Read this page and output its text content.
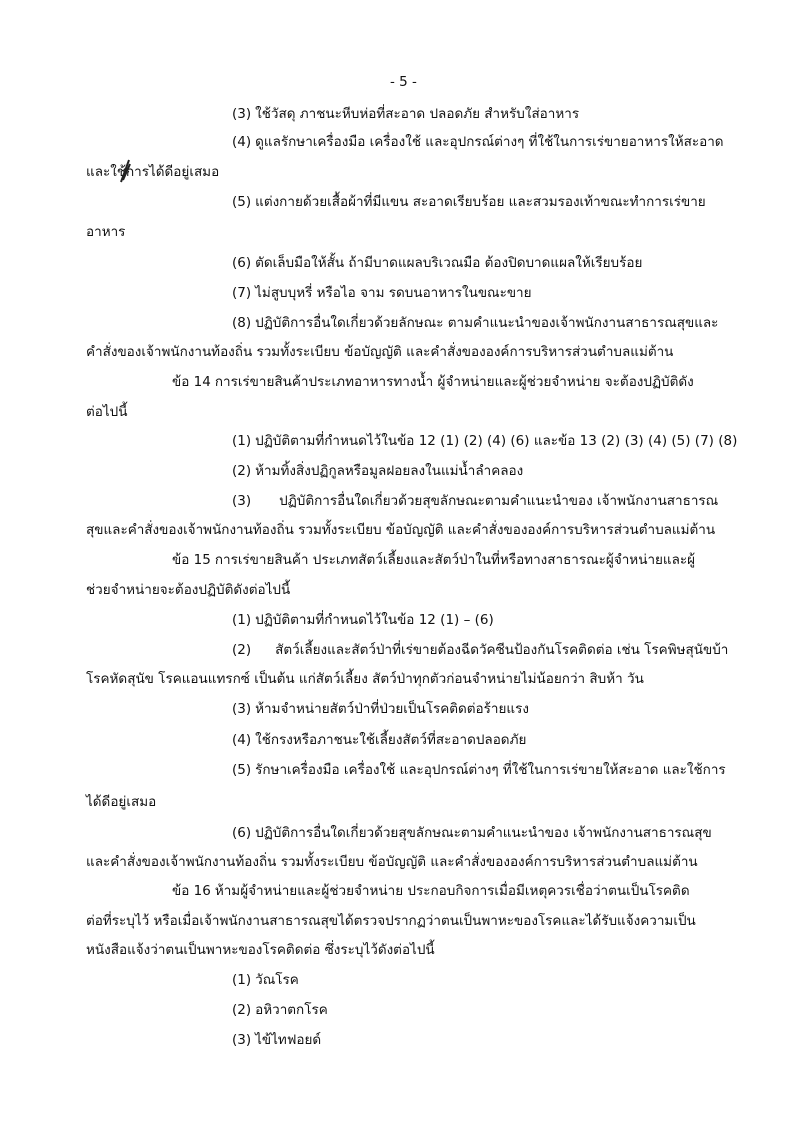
- 5 -
(3) ใช้วัสดุ ภาชนะหีบห่อที่สะอาด ปลอดภัย สำหรับใส่อาหาร
(4) ดูแลรักษาเครื่องมือ เครื่องใช้ และอุปกรณ์ต่างๆ ที่ใช้ในการเร่ขายอาหารให้สะอาด
และใช้การได้ดีอยู่เสมอ
(5) แต่งกายด้วยเสื้อผ้าที่มีแขน สะอาดเรียบร้อย และสวมรองเท้าขณะทำการเร่ขาย
อาหาร
(6) ตัดเล็บมือให้สั้น ถ้ามีบาดแผลบริเวณมือ ต้องปิดบาดแผลให้เรียบร้อย
(7) ไม่สูบบุหรี่ หรือไอ จาม รดบนอาหารในขณะขาย
(8) ปฏิบัติการอื่นใดเกี่ยวด้วยลักษณะ ตามคำแนะนำของเจ้าพนักงานสาธารณสุขและ
คำสั่งของเจ้าพนักงานท้องถิ่น รวมทั้งระเบียบ ข้อบัญญัติ และคำสั่งขององค์การบริหารส่วนตำบลแม่ต้าน
ข้อ 14 การเร่ขายสินค้าประเภทอาหารทางน้ำ ผู้จำหน่ายและผู้ช่วยจำหน่าย จะต้องปฏิบัติดัง
ต่อไปนี้
(1) ปฏิบัติตามที่กำหนดไว้ในข้อ 12 (1) (2) (4) (6) และข้อ 13 (2) (3) (4) (5) (7) (8)
(2) ห้ามทิ้งสิ่งปฏิกูลหรือมูลฝอยลงในแม่น้ำลำคลอง
(3) ปฏิบัติการอื่นใดเกี่ยวด้วยสุขลักษณะตามคำแนะนำของ เจ้าพนักงานสาธารณ
สุขและคำสั่งของเจ้าพนักงานท้องถิ่น รวมทั้งระเบียบ ข้อบัญญัติ และคำสั่งขององค์การบริหารส่วนตำบลแม่ต้าน
ข้อ 15 การเร่ขายสินค้า ประเภทสัตว์เลี้ยงและสัตว์ป่าในที่หรือทางสาธารณะผู้จำหน่ายและผู้
ช่วยจำหน่ายจะต้องปฏิบัติดังต่อไปนี้
(1) ปฏิบัติตามที่กำหนดไว้ในข้อ 12 (1) – (6)
(2) สัตว์เลี้ยงและสัตว์ป่าที่เร่ขายต้องฉีดวัคซีนป้องกันโรคติดต่อ เช่น โรคพิษสุนัขบ้า
โรคหัดสุนัข โรคแอนแทรกซ์ เป็นต้น แก่สัตว์เลี้ยง สัตว์ป่าทุกตัวก่อนจำหน่ายไม่น้อยกว่า สิบห้า วัน
(3) ห้ามจำหน่ายสัตว์ป่าที่ป่วยเป็นโรคติดต่อร้ายแรง
(4) ใช้กรงหรือภาชนะใช้เลี้ยงสัตว์ที่สะอาดปลอดภัย
(5) รักษาเครื่องมือ เครื่องใช้ และอุปกรณ์ต่างๆ ที่ใช้ในการเร่ขายให้สะอาด และใช้การ
ได้ดีอยู่เสมอ
(6) ปฏิบัติการอื่นใดเกี่ยวด้วยสุขลักษณะตามคำแนะนำของ เจ้าพนักงานสาธารณสุข
และคำสั่งของเจ้าพนักงานท้องถิ่น รวมทั้งระเบียบ ข้อบัญญัติ และคำสั่งขององค์การบริหารส่วนตำบลแม่ต้าน
ข้อ 16 ห้ามผู้จำหน่ายและผู้ช่วยจำหน่าย ประกอบกิจการเมื่อมีเหตุควรเชื่อว่าตนเป็นโรคติด
ต่อที่ระบุไว้ หรือเมื่อเจ้าพนักงานสาธารณสุขได้ตรวจปรากฏว่าตนเป็นพาหะของโรคและได้รับแจ้งความเป็น
หนังสือแจ้งว่าตนเป็นพาหะของโรคติดต่อ ซึ่งระบุไว้ดังต่อไปนี้
(1) วัณโรค
(2) อหิวาตกโรค
(3) ไข้ไทฟอยด์
